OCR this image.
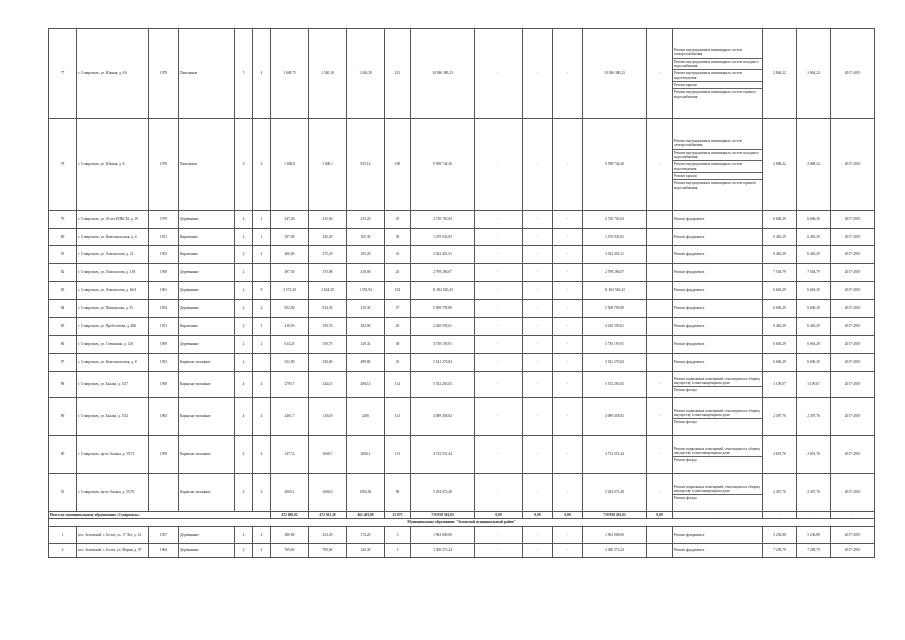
77	г. Ставрополь, ул. Южная, д. 6А	1979	Панельные	5	4	1 648,75	1 540,10	1 026,29	211	10 386 380,23	-	-	-	10 386 380,23	-	Ремонт внутридомовых инженерных систем электроснабжения
Ремонт внутридомовых инженерных систем холодного водоснабжения
Ремонт внутридомовых инженерных систем водоотведения
Ремонт крыши
Ремонт внутридомовых инженерных систем горячего водоснабжения	2 864,22	2 864,22	2017-2019
78	г. Ставрополь, ул. Южная, д. 8	1978	Панельные	5	4	1 608,0	1 608,1	935,14	190	9 598 744,30	-	-	-	9 598 744,30	-	Ремонт внутридомовых инженерных систем электроснабжения
Ремонт внутридомовых инженерных систем холодного водоснабжения
Ремонт внутридомовых инженерных систем водоотведения
Ремонт крыши
Ремонт внутридомовых инженерных систем горячего водоснабжения	2 868,22	2 868,22	2017-2019
79	г. Ставрополь, ул. 50 лет ВЛКСМ, д. 19	1979	Деревянные	2	1	447,20	415,60	415,20	25	2 730 763,04	-	-	-	2 730 763,04		Ремонт фундамента	6 606,29	6 606,29	2017-2019
80	г. Ставрополь, ул. Комсомольская, д. 4	1951	Кирпичные	2	1	297,80	245,20	105,30	30	1 470 943,93	-	-	-	1 470 943,93		Ремонт фундамента	6 465,29	6 465,29	2017-2019
81	г. Ставрополь, ул. Ломоносова, д. 21	1953	Кирпичные	2	2	460,60	375,20	105,20	41	3 022 401,31	-	-	-	3 022 401,31		Ремонт фундамента	6 465,29	6 465,29	2017-2019
82	г. Ставрополь, ул. Ломоносова, д. 138	1950	Деревянные	2		497,50	375,08	418,00	25	2 798 286,07	-	-	-	2 798 286,07		Ремонт фундамента	7 504,79	7 504,79	2017-2019
83	г. Ставрополь, ул. Ломоносова, д. 66/4	1961	Деревянные	2	8	2 572,30	2 624,50	1 555,94	102	11 494 540,43	-	-	-	11 494 540,43		Ремонт фундамента	6 663,29	6 663,29	2017-2019
84	г. Ставрополь, ул. Пионерская, д. 55	1954	Деревянные	2	2	852,90	814,50	310,30	57	5 508 795,89	-	-	-	5 508 795,89		Ремонт фундамента	6 606,29	6 606,29	2017-2019
85	г. Ставрополь, ул. Пребстелева, д. 46Б	1951	Кирпичные	2	1	418,50	359,70	302,00	20	2 420 593,61	-	-	-	2 420 593,61		Ремонт фундамента	6 465,29	6 465,29	2017-2019
86	г. Ставрополь, ул. Стенякина, д. 120	1959	Деревянные	2	2	614,25	550,75	129,41	38	3 730 195,91	-	-	-	3 730 195,91		Ремонт фундамента	6 663,29	6 663,29	2017-2019
87	г. Ставрополь, ул. Комсомольская, д. 8	1953	Каркасно-засыпные	2		532,90	520,60	489,80	25	3 541 270,84	-	-	-	3 541 270,84		Ремонт фундамента	6 606,29	6 606,29	2017-2019
88	г. Ставрополь, ул. Балака, д. 5/47	1950	Каркасно-засыпные	4	4	2795,7	2444,5	2082,3	114	5 532 263,03	-	-	-	5 532 263,03	-	Ремонт подвальных помещений, относящихся к общему имуществу в многоквартирном доме
Ремонт фасада	3 109,67	3 109,67	2017-2019
89	г. Ставрополь, ул. Балака, д. 5/42	1965	Каркасно-засыпные	4	4	2461,7	1104,9	2456	121	4 089 458,82	-	-	-	4 089 458,82	-	Ремонт подвальных помещений, относящихся к общему имуществу в многоквартирном доме
Ремонт фасада	2 497,76	2 497,76	2017-2019
90	г. Ставрополь, пр-кт. Балака, д. 55/71	1959	Каркасно-засыпные	4	4	1477,4	1068,7	2006,1	131	4 732 551,44	-	-	-	4 732 551,44	-	Ремонт подвальных помещений, относящихся к общему имуществу в многоквартирном доме
Ремонт фасада	2 691,76	2 691,76	2017-2019
91	г. Ставрополь, пр-кт. Балака, д. 55/76		Каркасно-засыпные	4	4	2000,1	1600,0	1094,56	90	5 294 073,49	-	-	-	5 294 073,49	-	Ремонт подвальных помещений, относящихся к общему имуществу в многоквартирном доме
Ремонт фасада	2 497,76	2 497,76	2017-2019
Итого по муниципальному образованию «Ставрополь»						472 600,02	472 361,38	461 403,09	23 073	719 958 363,03	0,00	0,00	0,00	719 958 363,03	0,00	-	-	-	-
Муниципальное образование "Зеленский муниципальный район"																			
1	пос. Зеленский, с. Белое, ул. 17 Лет, д. 14	1957	Деревянные	2	2	280,00	233,20	174,20	3	1 963 000,00	-	-	-	1 963 000,00		Ремонт фундамента	5 236,88	5 236,88	2017-2019
2	пос. Зеленский, с. Белое, ул. Марии, д. 97	1964	Деревянные	2	2	769,60	700,60	126,30	3	3 300 373,24	-	-	-	3 300 373,24		Ремонт фундамента	7 209,79	7 209,79	2017-2019
